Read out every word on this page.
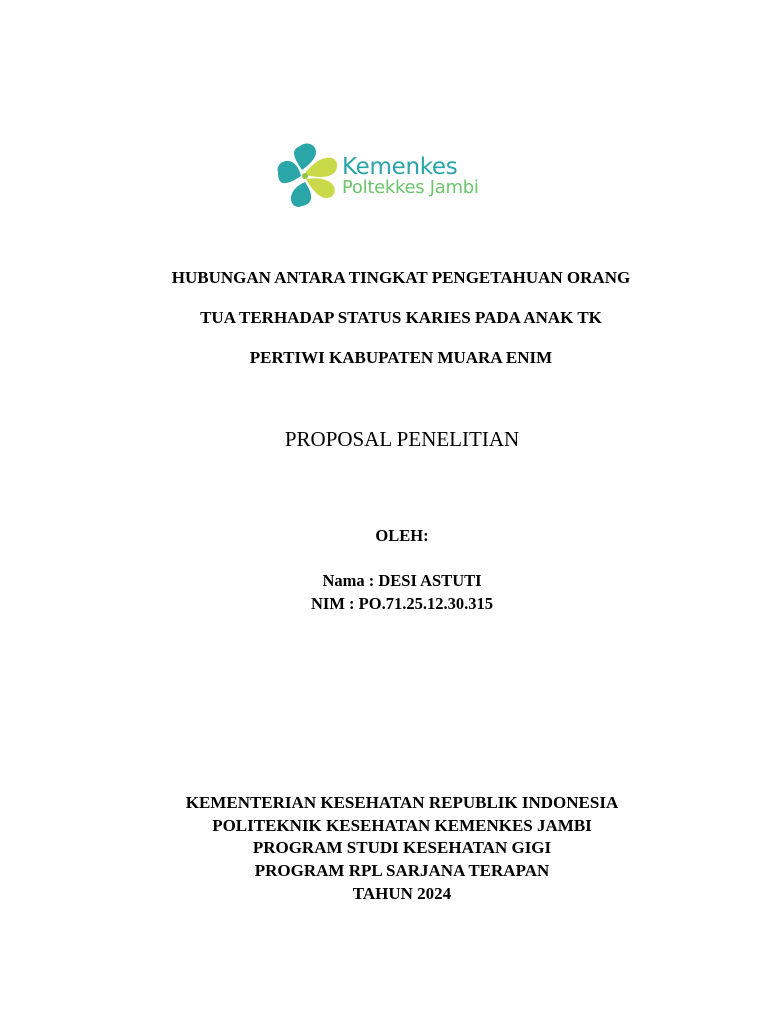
Kemenkes
Poltekkes Jambi
HUBUNGAN ANTARA TINGKAT PENGETAHUAN ORANG
TUA TERHADAP STATUS KARIES PADA ANAK TK
PERTIWI KABUPATEN MUARA ENIM
PROPOSAL PENELITIAN
OLEH:
Nama : DESI ASTUTI
NIM : PO.71.25.12.30.315
KEMENTERIAN KESEHATAN REPUBLIK INDONESIA
POLITEKNIK KESEHATAN KEMENKES JAMBI
PROGRAM STUDI KESEHATAN GIGI
PROGRAM RPL SARJANA TERAPAN
TAHUN 2024
